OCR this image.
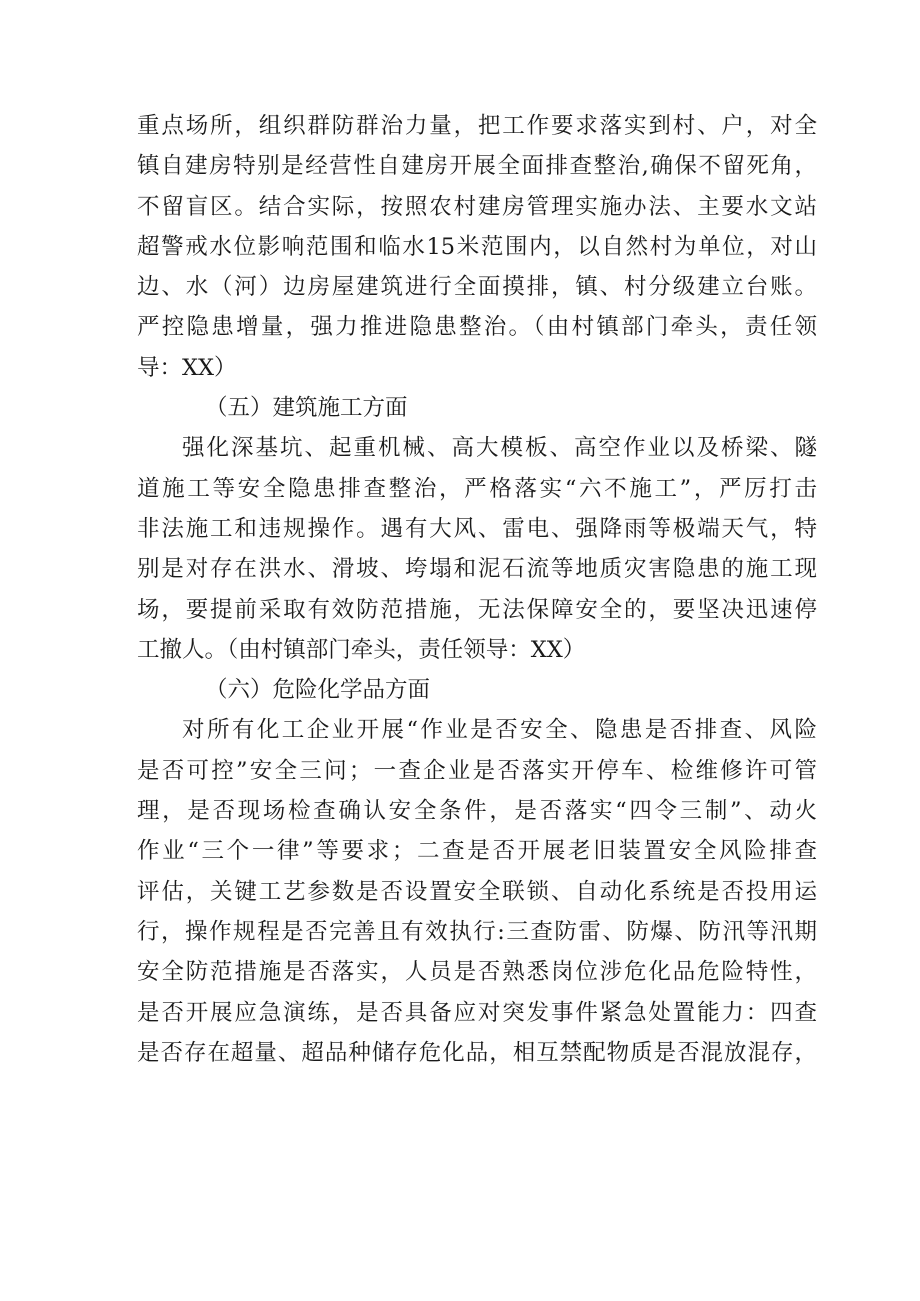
重点场所，组织群防群治力量，把工作要求落实到村、户，对全
镇自建房特别是经营性自建房开展全面排查整治,确保不留死角，
不留盲区。结合实际，按照农村建房管理实施办法、主要水文站
超警戒水位影响范围和临水15米范围内，以自然村为单位，对山
边、水（河）边房屋建筑进行全面摸排，镇、村分级建立台账。
严控隐患增量，强力推进隐患整治。（由村镇部门牵头，责任领
导：XX）
（五）建筑施工方面
强化深基坑、起重机械、高大模板、高空作业以及桥梁、隧
道施工等安全隐患排查整治，严格落实“六不施工”，严厉打击
非法施工和违规操作。遇有大风、雷电、强降雨等极端天气，特
别是对存在洪水、滑坡、垮塌和泥石流等地质灾害隐患的施工现
场，要提前采取有效防范措施，无法保障安全的，要坚决迅速停
工撤人。（由村镇部门牵头，责任领导：XX）
（六）危险化学品方面
对所有化工企业开展“作业是否安全、隐患是否排查、风险
是否可控”安全三问；一查企业是否落实开停车、检维修许可管
理，是否现场检查确认安全条件，是否落实“四令三制”、动火
作业“三个一律”等要求；二查是否开展老旧装置安全风险排查
评估，关键工艺参数是否设置安全联锁、自动化系统是否投用运
行，操作规程是否完善且有效执行:三查防雷、防爆、防汛等汛期
安全防范措施是否落实，人员是否熟悉岗位涉危化品危险特性，
是否开展应急演练，是否具备应对突发事件紧急处置能力：四查
是否存在超量、超品种储存危化品，相互禁配物质是否混放混存，
